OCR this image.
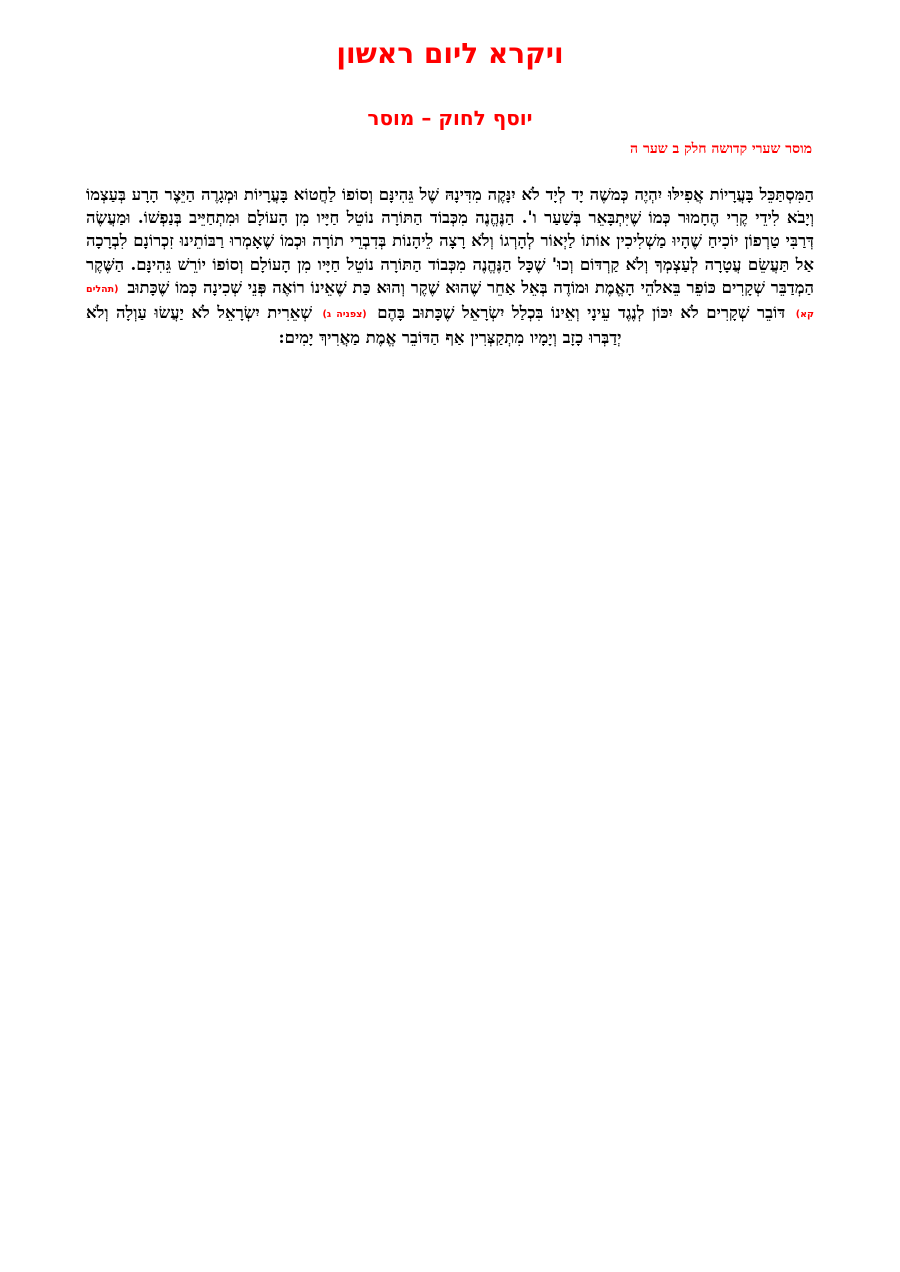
ויקרא ליום ראשון
יוסף לחוק – מוסר
מוסר שערי קדושה חלק ב שער ה

הַמִּסְתַּכֵּל בָּעֲרָיוֹת אֲפִילּוּ יִהְיֶה כְּמשֶׁה יָד לְיָד לֹא יִנָּקֶה מִדִּינָהּ שֶׁל גֵּהִינָּם וְסוֹפוֹ לַחֲטוֹא בָּעֲרָיוֹת וּמְגָרֶה הַיֵּצֶר הָרָע בְּעַצְמוֹ וְיָבֹא לִידֵי קֶרִי הֶחָמוּר כְּמוֹ שֶׁיִּתְבָּאֵר בְּשַׁעַר ו'. הַנֶּהֱנֶה מִכְּבוֹד הַתּוֹרָה נוֹטֵל חַיָּיו מִן הָעוֹלָם וּמִתְחַיֵּיב בְּנַפְשׁוֹ. וּמַעֲשֶׂה דְּרַבִּי טַרְפוֹן יוֹכִיחַ שֶׁהָיוּ מַשְׁלִיכִין אוֹתוֹ לַיְאוֹר לְהָרְגוֹ וְלֹא רָצָה לֵיהָנוֹת בְּדִבְרֵי תוֹרָה וּכְמוֹ שֶׁאָמְרוּ רַבּוֹתֵינוּ זִכְרוֹנָם לִבְרָכָה אַל תַּעֲשֵׂם עֲטָרָה לְעַצְמְךָ וְלֹא קַרְדּוֹם וְכוּ' שֶׁכָּל הַנֶּהֱנֶה מִכְּבוֹד הַתּוֹרָה נוֹטֵל חַיָּיו מִן הָעוֹלָם וְסוֹפוֹ יוֹרֵשׁ גֵּהִינָּם. הַשֶּׁקֶר הַמְדַבֵּר שְׁקָרִים כּוֹפֵר בֵּאלֹהֵי הָאֱמֶת וּמוֹדֶה בְּאֵל אַחֵר שֶׁהוּא שֶׁקֶר וְהוּא כַּת שֶׁאֵינוֹ רוֹאֶה פְּנֵי שְׁכִינָה כְּמוֹ שֶׁכָּתוּב (תהלים קא) דּוֹבֵר שְׁקָרִים לֹא יִכּוֹן לְנֶגֶד עֵינָי וְאֵינוֹ בִּכְלַל יִשְׂרָאֵל שֶׁכָּתוּב בָּהֶם (צפניה ג) שְׁאֵרִית יִשְׂרָאֵל לֹא יַעֲשׂוּ עַוְלָה וְלֹא יְדַבְּרוּ כָזָב וְיָמָיו מִתְקַצְּרִין אַף הַדּוֹבֵר אֱמֶת מַאֲרִיךְ יָמִים:
